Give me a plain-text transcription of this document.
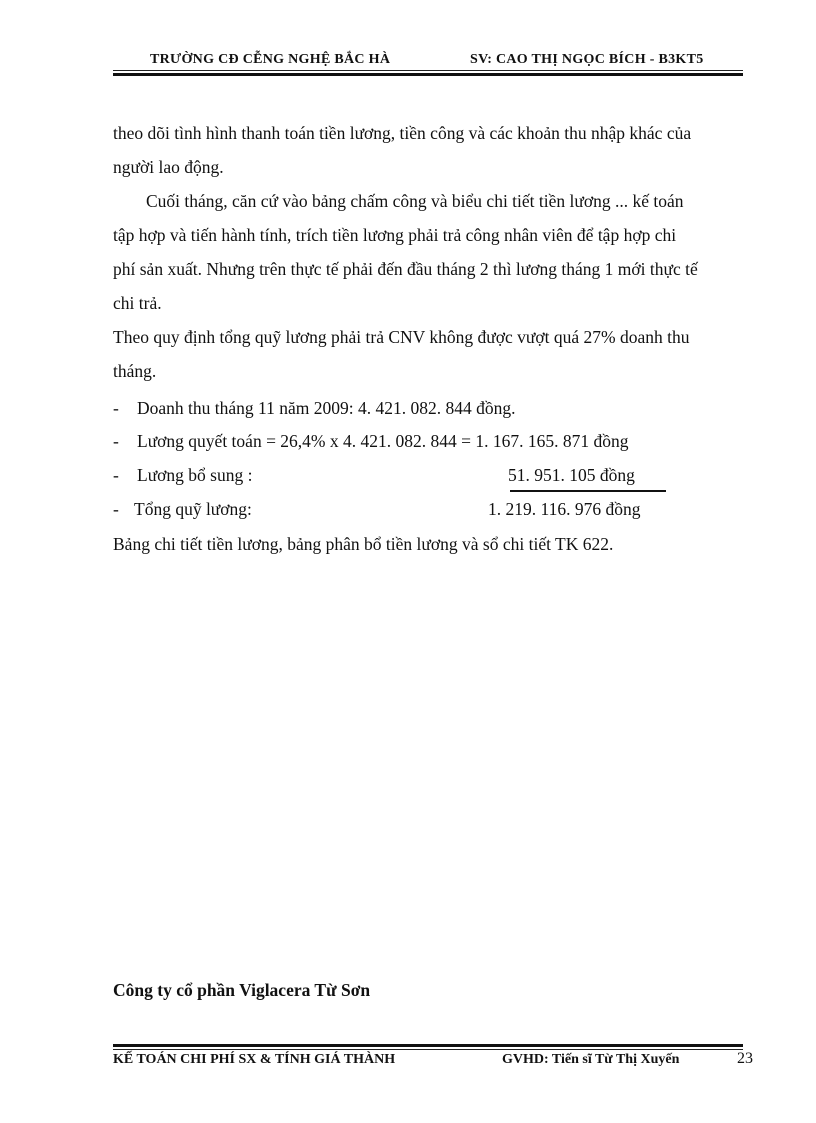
TRƯỜNG CĐ CỄNG NGHỆ BẮC HÀ	SV: CAO THỊ NGỌC BÍCH - B3KT5
theo dõi tình hình thanh toán tiền lương, tiền công và các khoản thu nhập khác của
người lao động.
Cuối tháng, căn cứ vào bảng chấm công và biểu chi tiết tiền lương ... kế toán
tập hợp và tiến hành tính, trích tiền lương phải trả công nhân viên để tập hợp chi
phí sản xuất. Nhưng trên thực tế phải đến đầu tháng 2 thì lương tháng 1 mới thực tế
chi trả.
Theo quy định tổng quỹ lương phải trả CNV không được vượt quá 27% doanh thu
tháng.
- Doanh thu tháng 11 năm 2009: 4. 421. 082. 844 đồng.
- Lương quyết toán = 26,4% x 4. 421. 082. 844 = 1. 167. 165. 871 đồng
- Lương bổ sung :	51. 951. 105 đồng
- Tổng quỹ lương:	1. 219. 116. 976 đồng
Bảng chi tiết tiền lương, bảng phân bổ tiền lương và sổ chi tiết TK 622.
Công ty cổ phần Viglacera Từ Sơn
KẾ TOÁN CHI PHÍ SX & TÍNH GIÁ THÀNH	GVHD: Tiến sĩ Từ Thị Xuyến	23
